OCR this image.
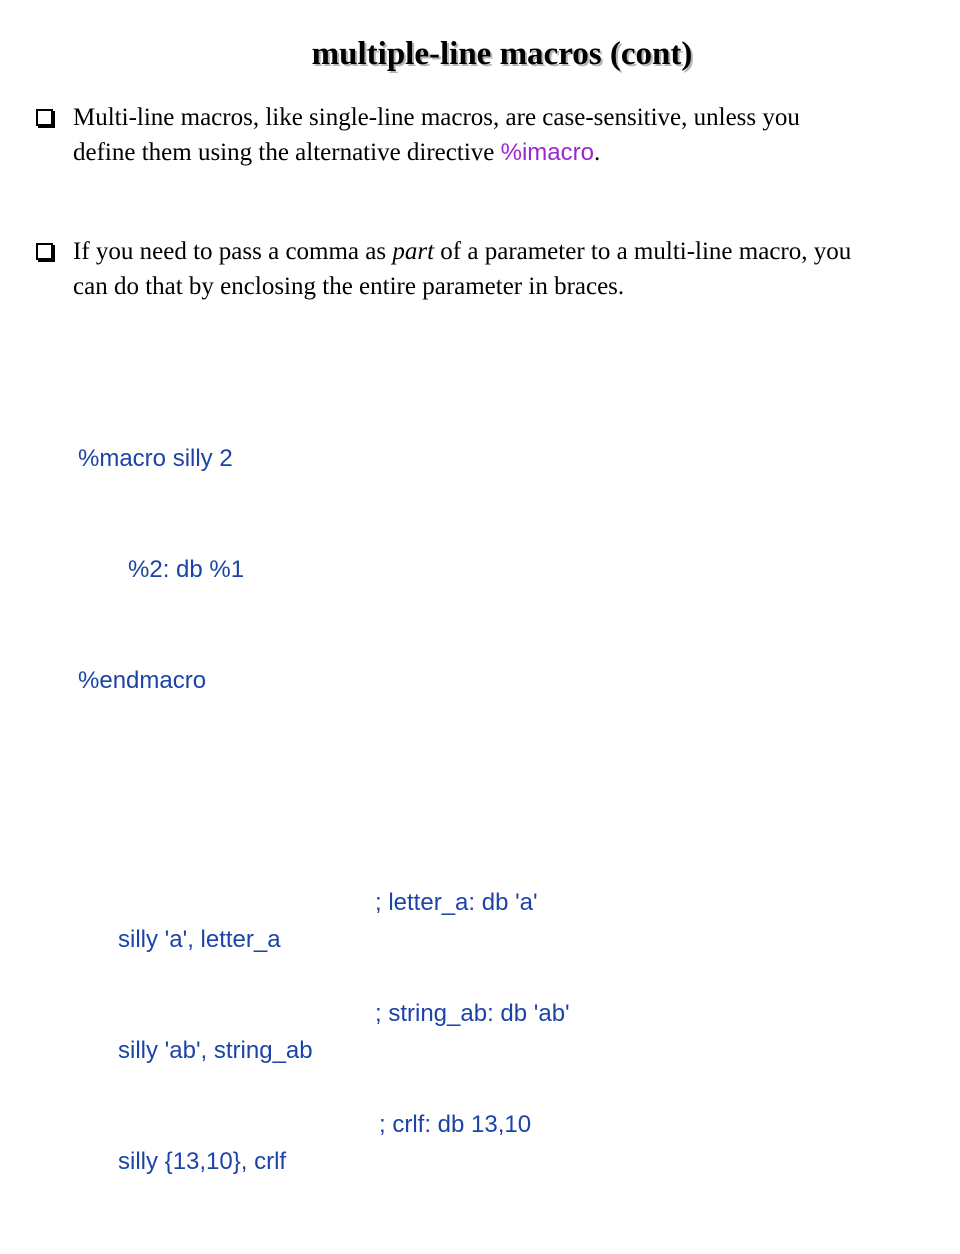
multiple-line macros (cont)
Multi-line macros, like single-line macros, are case-sensitive, unless you define them using the alternative directive %imacro.
If you need to pass a comma as part of a parameter to a multi-line macro, you can do that by enclosing the entire parameter in braces.

%macro silly 2

%2: db %1

%endmacro

silly 'a', letter_a

; letter_a: db 'a'

silly 'ab', string_ab

; string_ab: db 'ab'

silly {13,10}, crlf

; crlf: db 13,10
